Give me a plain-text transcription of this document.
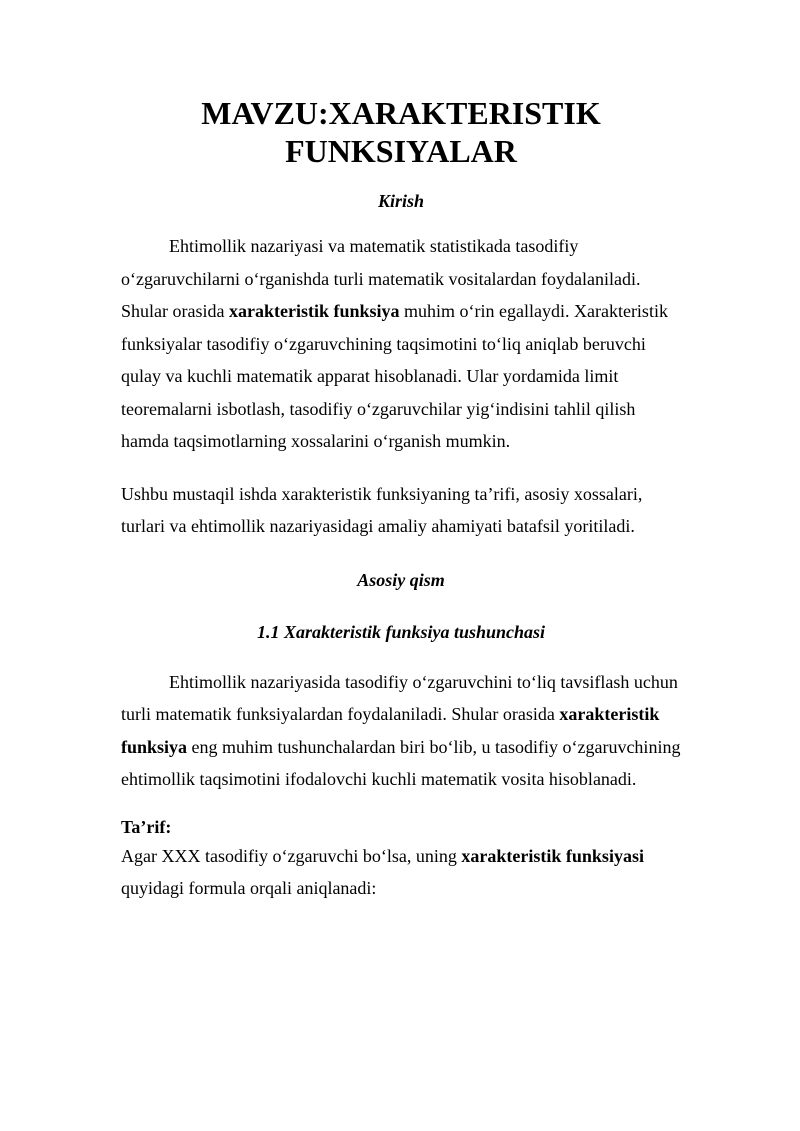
MAVZU:XARAKTERISTIK
FUNKSIYALAR

Kirish

Ehtimollik nazariyasi va matematik statistikada tasodifiy o‘zgaruvchilarni o‘rganishda turli matematik vositalardan foydalaniladi. Shular orasida xarakteristik funksiya muhim o‘rin egallaydi. Xarakteristik funksiyalar tasodifiy o‘zgaruvchining taqsimotini to‘liq aniqlab beruvchi qulay va kuchli matematik apparat hisoblanadi. Ular yordamida limit teoremalarni isbotlash, tasodifiy o‘zgaruvchilar yig‘indisini tahlil qilish hamda taqsimotlarning xossalarini o‘rganish mumkin.

Ushbu mustaqil ishda xarakteristik funksiyaning ta’rifi, asosiy xossalari, turlari va ehtimollik nazariyasidagi amaliy ahamiyati batafsil yoritiladi.

Asosiy qism

1.1 Xarakteristik funksiya tushunchasi

Ehtimollik nazariyasida tasodifiy o‘zgaruvchini to‘liq tavsiflash uchun turli matematik funksiyalardan foydalaniladi. Shular orasida xarakteristik funksiya eng muhim tushunchalardan biri bo‘lib, u tasodifiy o‘zgaruvchining ehtimollik taqsimotini ifodalovchi kuchli matematik vosita hisoblanadi.

Ta’rif:

Agar XXX tasodifiy o‘zgaruvchi bo‘lsa, uning xarakteristik funksiyasi quyidagi formula orqali aniqlanadi:
